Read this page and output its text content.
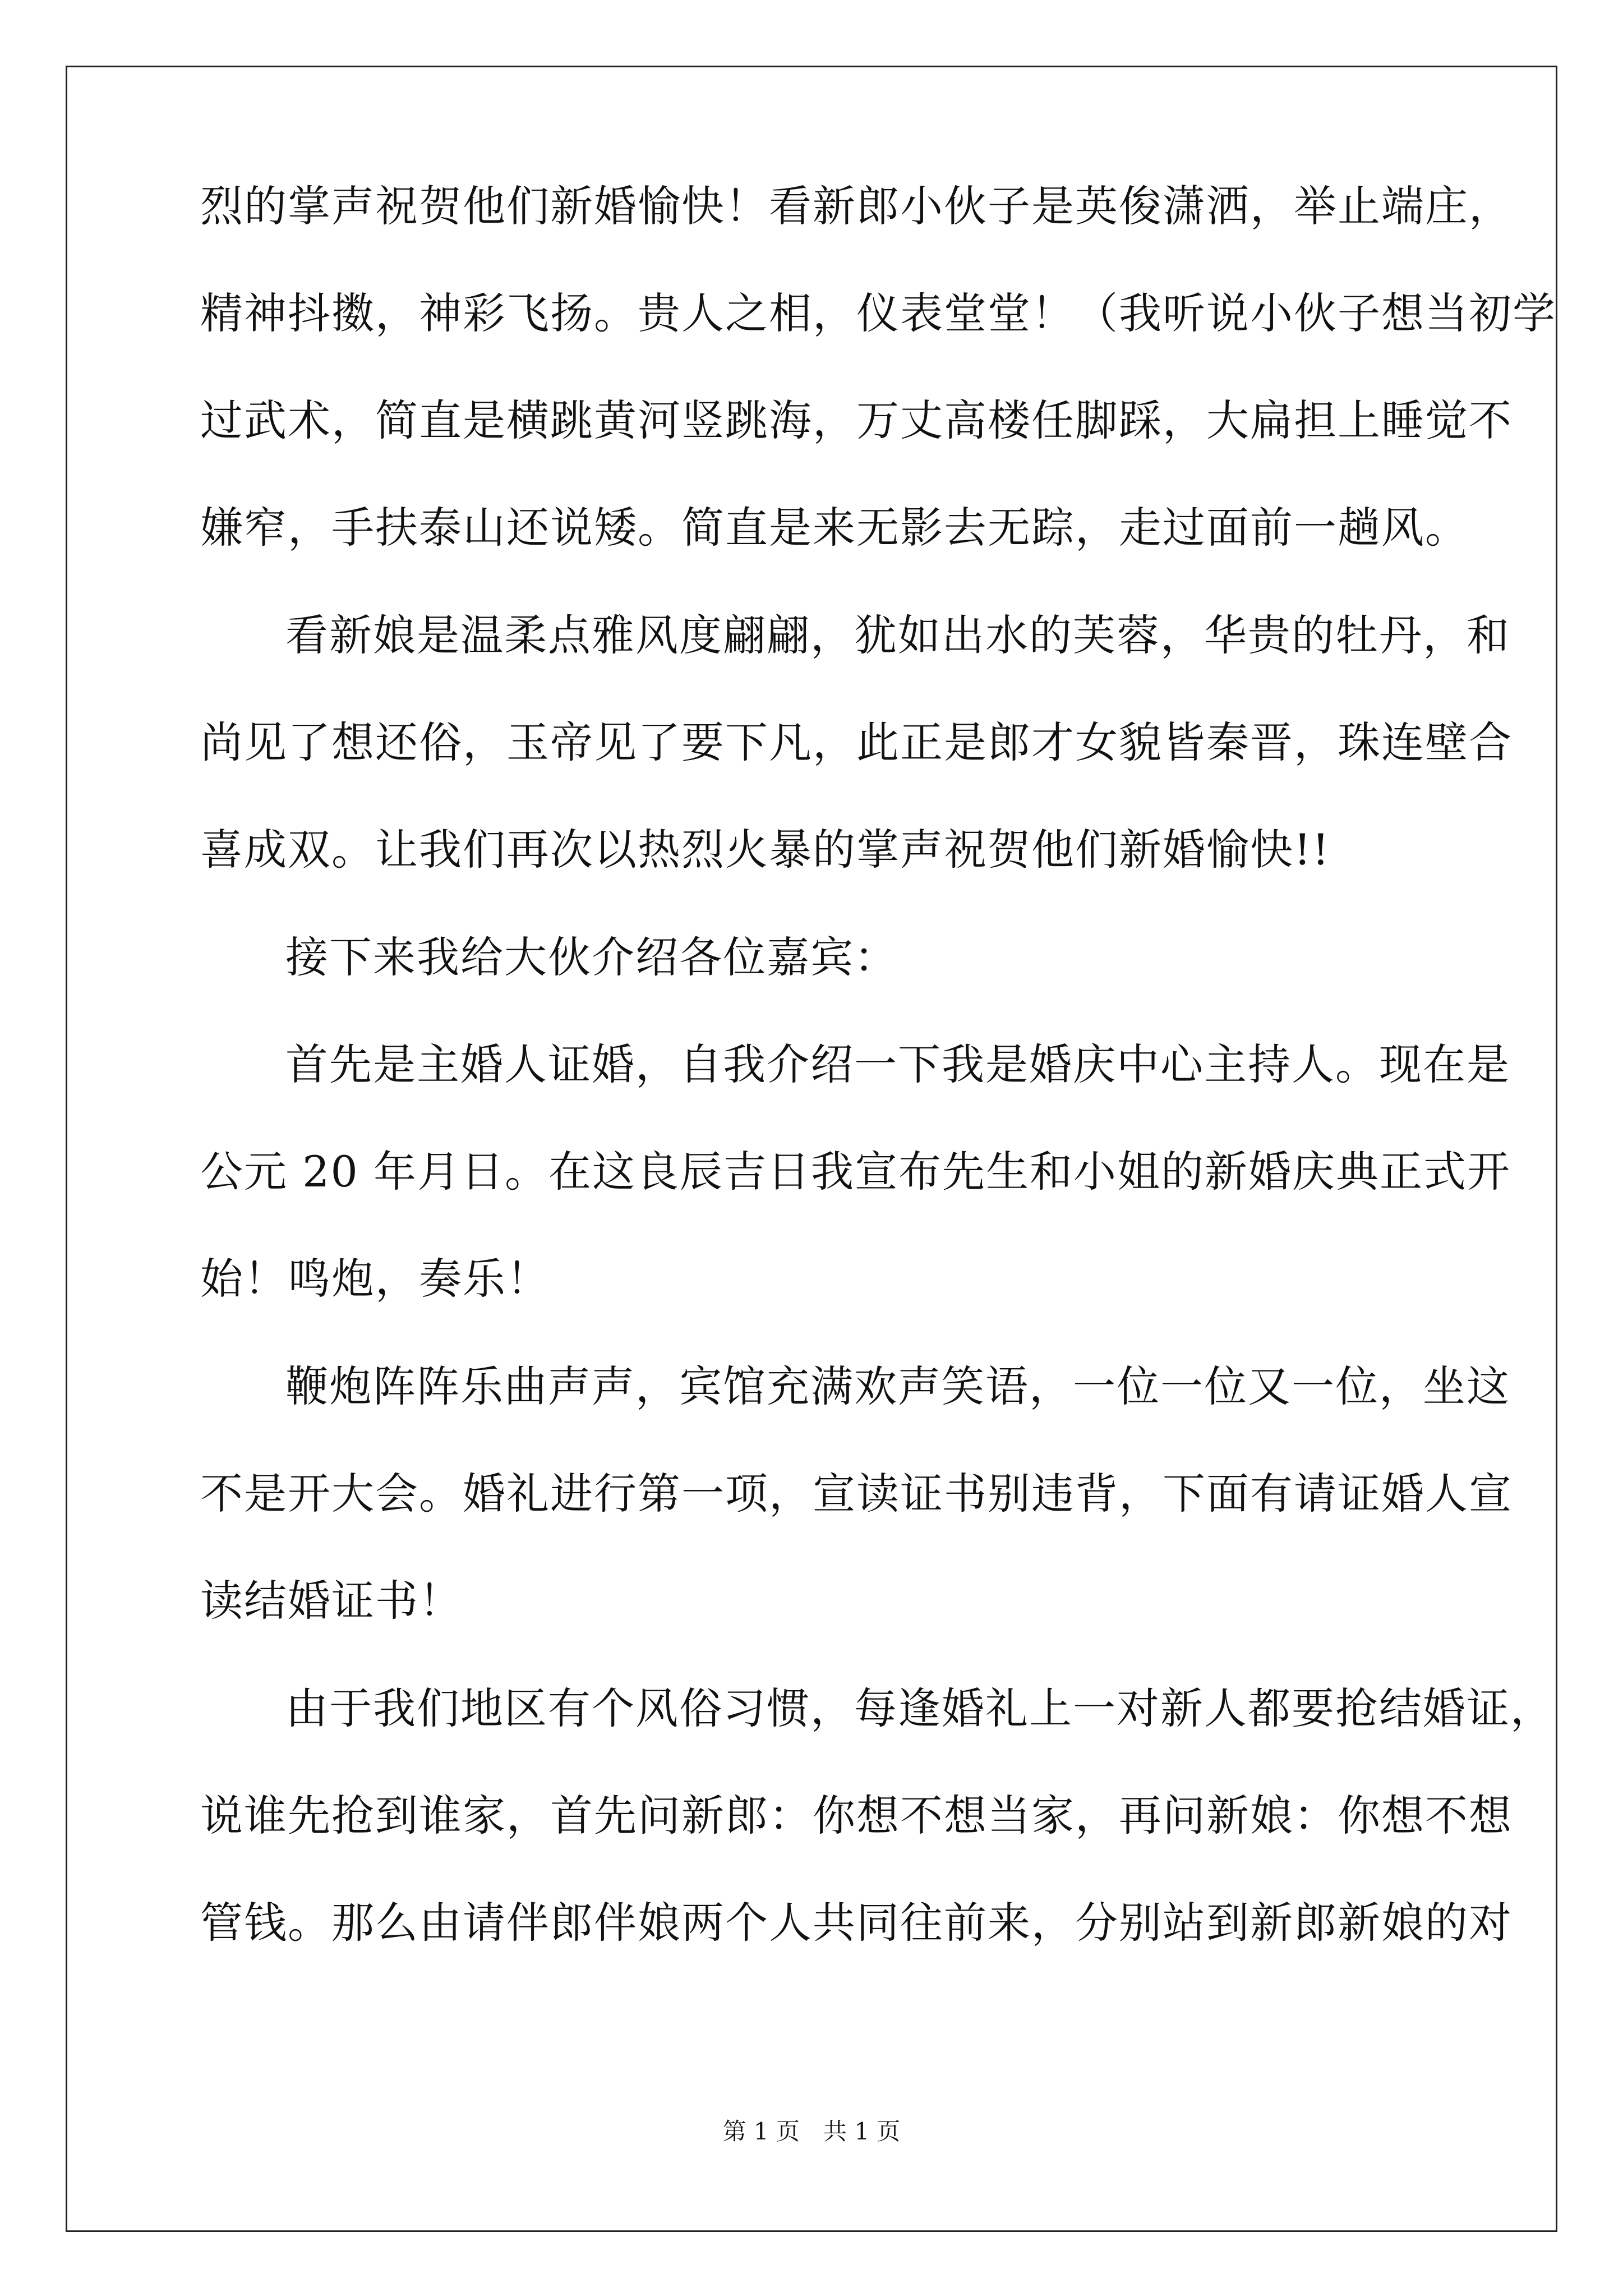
烈的掌声祝贺他们新婚愉快！看新郎小伙子是英俊潇洒，举止端庄，
精神抖擞，神彩飞扬。贵人之相，仪表堂堂！（我听说小伙子想当初学
过武术，简直是横跳黄河竖跳海，万丈高楼任脚踩，大扁担上睡觉不
嫌窄，手扶泰山还说矮。简直是来无影去无踪，走过面前一趟风。
看新娘是温柔点雅风度翩翩，犹如出水的芙蓉，华贵的牡丹，和
尚见了想还俗，玉帝见了要下凡，此正是郎才女貌皆秦晋，珠连壁合
喜成双。让我们再次以热烈火暴的掌声祝贺他们新婚愉快!!
接下来我给大伙介绍各位嘉宾：
首先是主婚人证婚，自我介绍一下我是婚庆中心主持人。现在是
公元 20 年月日。在这良辰吉日我宣布先生和小姐的新婚庆典正式开
始！鸣炮，奏乐！
鞭炮阵阵乐曲声声，宾馆充满欢声笑语，一位一位又一位，坐这
不是开大会。婚礼进行第一项，宣读证书别违背，下面有请证婚人宣
读结婚证书！
由于我们地区有个风俗习惯，每逢婚礼上一对新人都要抢结婚证，
说谁先抢到谁家，首先问新郎：你想不想当家，再问新娘：你想不想
管钱。那么由请伴郎伴娘两个人共同往前来，分别站到新郎新娘的对
第 1 页　共 1 页
